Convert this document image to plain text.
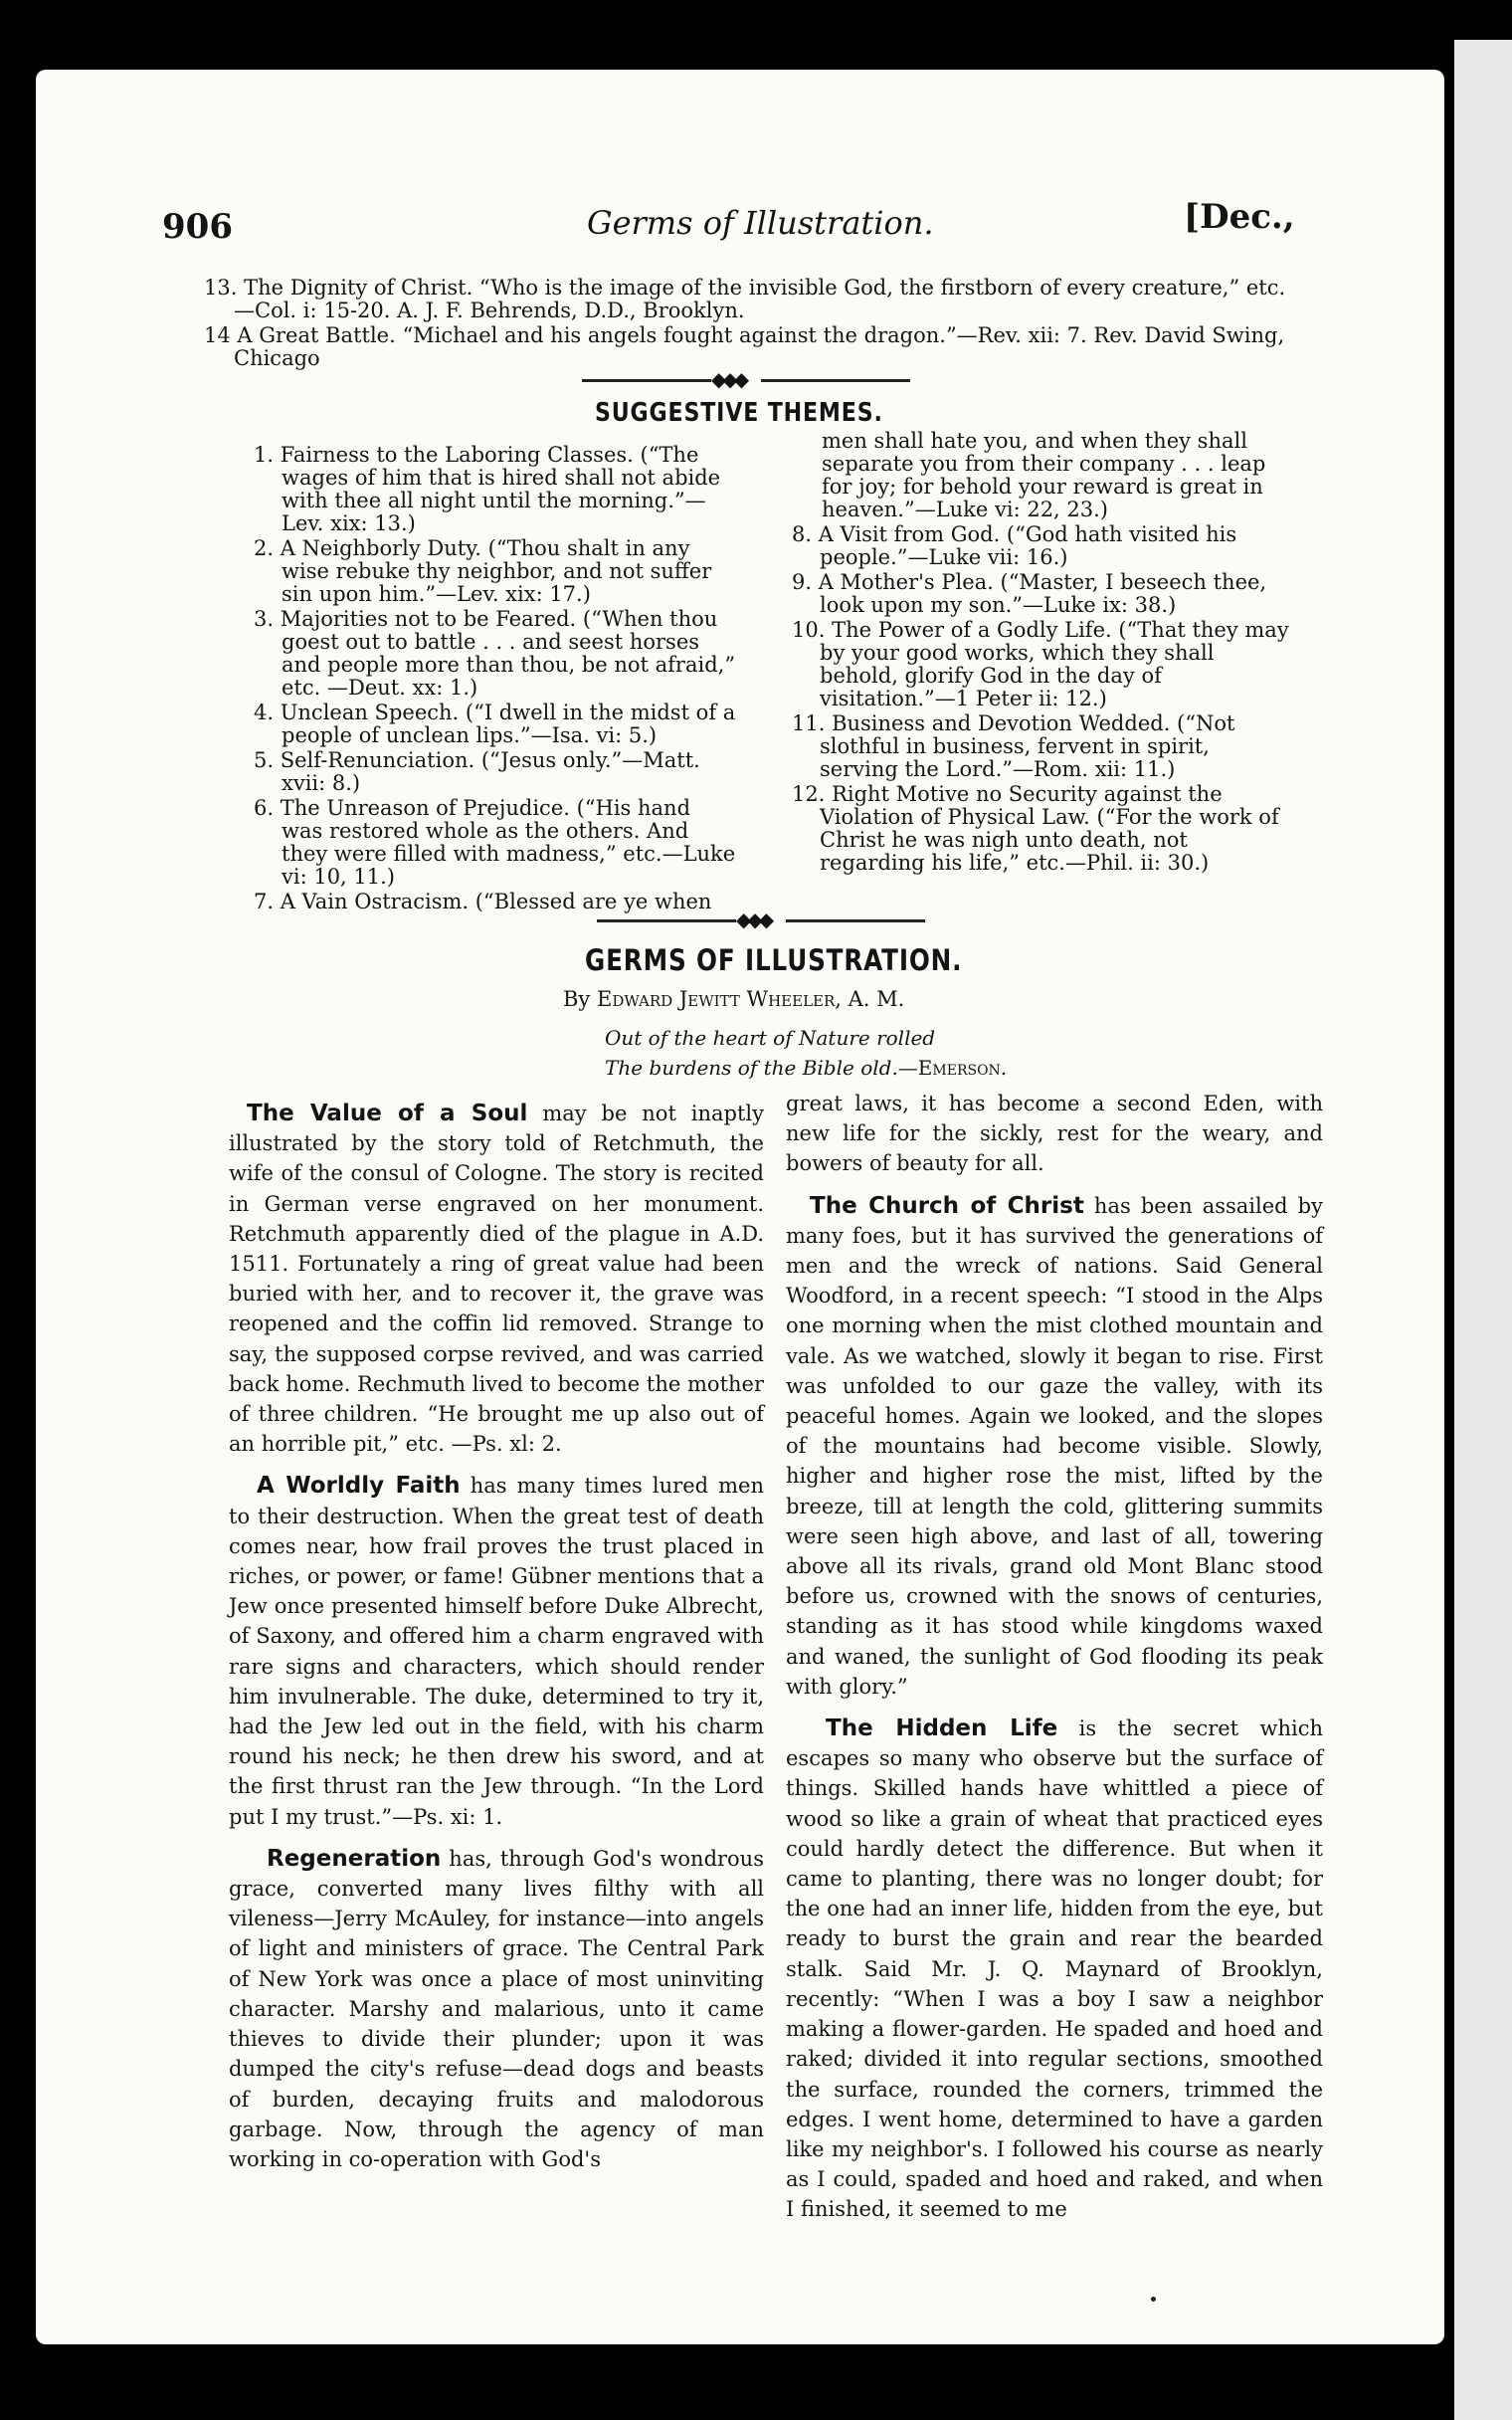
906	Germs of Illustration.	[Dec.,
13. The Dignity of Christ. “Who is the image of the invisible God, the firstborn of every creature,” etc.—Col. i: 15-20. A. J. F. Behrends, D.D., Brooklyn.
14 A Great Battle. “Michael and his angels fought against the dragon.”—Rev. xii: 7. Rev. David Swing, Chicago
◆◆◆
SUGGESTIVE THEMES.
1. Fairness to the Laboring Classes. (“The wages of him that is hired shall not abide with thee all night until the morning.”—Lev. xix: 13.)
2. A Neighborly Duty. (“Thou shalt in any wise rebuke thy neighbor, and not suffer sin upon him.”—Lev. xix: 17.)
3. Majorities not to be Feared. (“When thou goest out to battle . . . and seest horses and people more than thou, be not afraid,” etc. —Deut. xx: 1.)
4. Unclean Speech. (“I dwell in the midst of a people of unclean lips.”—Isa. vi: 5.)
5. Self-Renunciation. (“Jesus only.”—Matt. xvii: 8.)
6. The Unreason of Prejudice. (“His hand was restored whole as the others. And they were filled with madness,” etc.—Luke vi: 10, 11.)
7. A Vain Ostracism. (“Blessed are ye when
men shall hate you, and when they shall separate you from their company . . . leap for joy; for behold your reward is great in heaven.”—Luke vi: 22, 23.)
8. A Visit from God. (“God hath visited his people.”—Luke vii: 16.)
9. A Mother's Plea. (“Master, I beseech thee, look upon my son.”—Luke ix: 38.)
10. The Power of a Godly Life. (“That they may by your good works, which they shall behold, glorify God in the day of visitation.”—1 Peter ii: 12.)
11. Business and Devotion Wedded. (“Not slothful in business, fervent in spirit, serving the Lord.”—Rom. xii: 11.)
12. Right Motive no Security against the Violation of Physical Law. (“For the work of Christ he was nigh unto death, not regarding his life,” etc.—Phil. ii: 30.)
◆◆◆
GERMS OF ILLUSTRATION.
By Edward Jewitt Wheeler, A. M.
Out of the heart of Nature rolled
The burdens of the Bible old.—Emerson.

The Value of a Soul may be not inaptly illustrated by the story told of Retchmuth, the wife of the consul of Cologne. The story is recited in German verse engraved on her monument. Retchmuth apparently died of the plague in A.D. 1511. Fortunately a ring of great value had been buried with her, and to recover it, the grave was reopened and the coffin lid removed. Strange to say, the supposed corpse revived, and was carried back home. Rechmuth lived to become the mother of three children. “He brought me up also out of an horrible pit,” etc. —Ps. xl: 2.

A Worldly Faith has many times lured men to their destruction. When the great test of death comes near, how frail proves the trust placed in riches, or power, or fame! Gübner mentions that a Jew once presented himself before Duke Albrecht, of Saxony, and offered him a charm engraved with rare signs and characters, which should render him invulnerable. The duke, determined to try it, had the Jew led out in the field, with his charm round his neck; he then drew his sword, and at the first thrust ran the Jew through. “In the Lord put I my trust.”—Ps. xi: 1.

Regeneration has, through God's wondrous grace, converted many lives filthy with all vileness—Jerry McAuley, for instance—into angels of light and ministers of grace. The Central Park of New York was once a place of most uninviting character. Marshy and malarious, unto it came thieves to divide their plunder; upon it was dumped the city's refuse—dead dogs and beasts of burden, decaying fruits and malodorous garbage. Now, through the agency of man working in co-operation with God's

great laws, it has become a second Eden, with new life for the sickly, rest for the weary, and bowers of beauty for all.

The Church of Christ has been assailed by many foes, but it has survived the generations of men and the wreck of nations. Said General Woodford, in a recent speech: “I stood in the Alps one morning when the mist clothed mountain and vale. As we watched, slowly it began to rise. First was unfolded to our gaze the valley, with its peaceful homes. Again we looked, and the slopes of the mountains had become visible. Slowly, higher and higher rose the mist, lifted by the breeze, till at length the cold, glittering summits were seen high above, and last of all, towering above all its rivals, grand old Mont Blanc stood before us, crowned with the snows of centuries, standing as it has stood while kingdoms waxed and waned, the sunlight of God flooding its peak with glory.”

The Hidden Life is the secret which escapes so many who observe but the surface of things. Skilled hands have whittled a piece of wood so like a grain of wheat that practiced eyes could hardly detect the difference. But when it came to planting, there was no longer doubt; for the one had an inner life, hidden from the eye, but ready to burst the grain and rear the bearded stalk. Said Mr. J. Q. Maynard of Brooklyn, recently: “When I was a boy I saw a neighbor making a flower-garden. He spaded and hoed and raked; divided it into regular sections, smoothed the surface, rounded the corners, trimmed the edges. I went home, determined to have a garden like my neighbor's. I followed his course as nearly as I could, spaded and hoed and raked, and when I finished, it seemed to me
